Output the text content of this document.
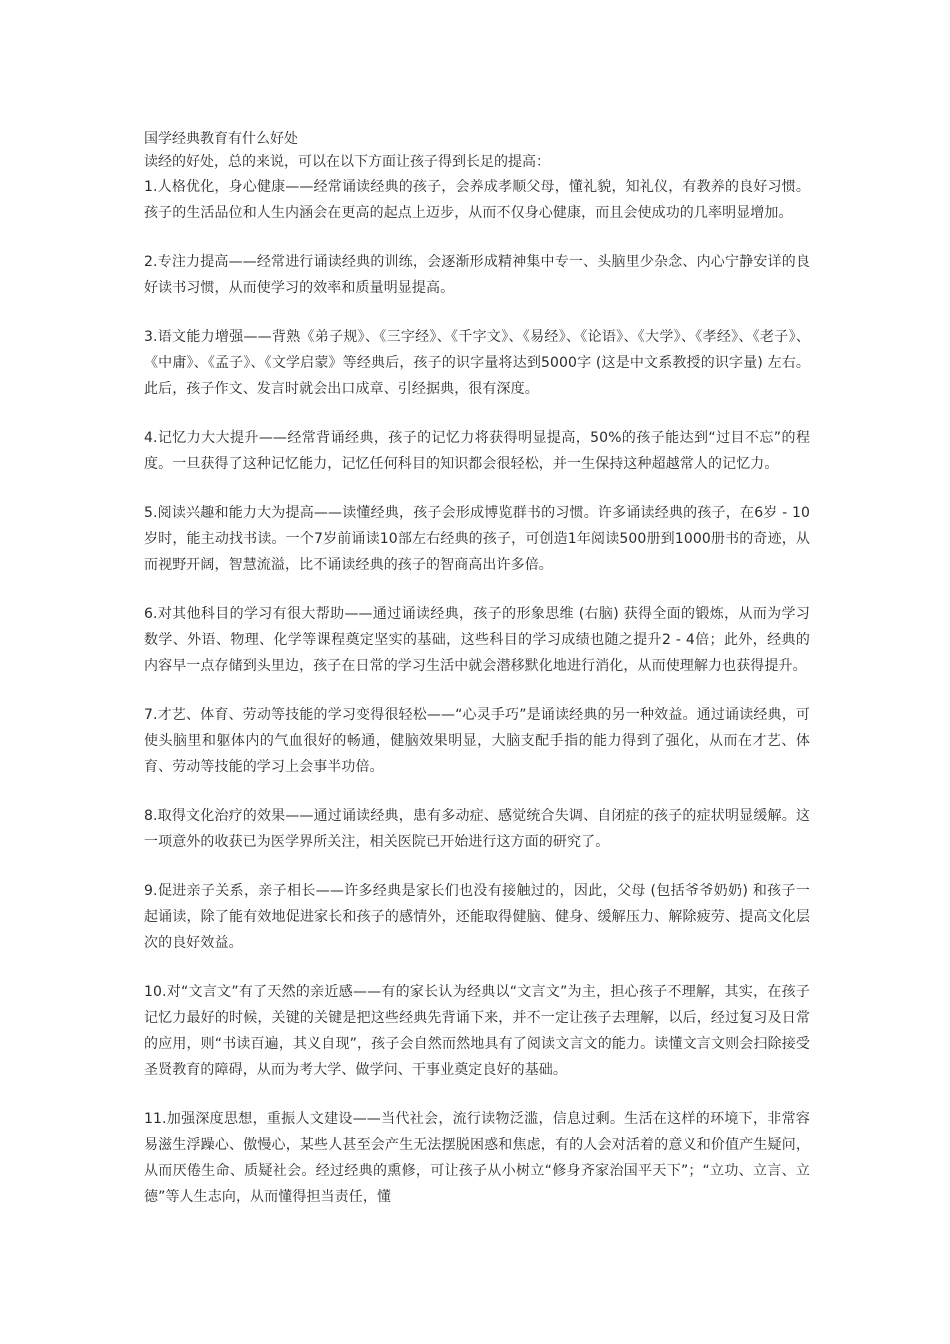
国学经典教育有什么好处

读经的好处，总的来说，可以在以下方面让孩子得到长足的提高：

1.人格优化，身心健康——经常诵读经典的孩子，会养成孝顺父母，懂礼貌，知礼仪，有教养的良好习惯。孩子的生活品位和人生内涵会在更高的起点上迈步，从而不仅身心健康，而且会使成功的几率明显增加。

2.专注力提高——经常进行诵读经典的训练，会逐渐形成精神集中专一、头脑里少杂念、内心宁静安详的良好读书习惯，从而使学习的效率和质量明显提高。

3.语文能力增强——背熟《弟子规》、《三字经》、《千字文》、《易经》、《论语》、《大学》、《孝经》、《老子》、《中庸》、《孟子》、《文学启蒙》等经典后，孩子的识字量将达到5000字 (这是中文系教授的识字量) 左右。此后，孩子作文、发言时就会出口成章、引经据典，很有深度。

4.记忆力大大提升——经常背诵经典，孩子的记忆力将获得明显提高，50%的孩子能达到“过目不忘”的程度。一旦获得了这种记忆能力，记忆任何科目的知识都会很轻松，并一生保持这种超越常人的记忆力。

5.阅读兴趣和能力大为提高——读懂经典，孩子会形成博览群书的习惯。许多诵读经典的孩子，在6岁 - 10岁时，能主动找书读。一个7岁前诵读10部左右经典的孩子，可创造1年阅读500册到1000册书的奇迹，从而视野开阔，智慧流溢，比不诵读经典的孩子的智商高出许多倍。

6.对其他科目的学习有很大帮助——通过诵读经典，孩子的形象思维 (右脑) 获得全面的锻炼，从而为学习数学、外语、物理、化学等课程奠定坚实的基础，这些科目的学习成绩也随之提升2 - 4倍；此外，经典的内容早一点存储到头里边，孩子在日常的学习生活中就会潜移默化地进行消化，从而使理解力也获得提升。

7.才艺、体育、劳动等技能的学习变得很轻松——“心灵手巧”是诵读经典的另一种效益。通过诵读经典，可使头脑里和躯体内的气血很好的畅通，健脑效果明显，大脑支配手指的能力得到了强化，从而在才艺、体育、劳动等技能的学习上会事半功倍。

8.取得文化治疗的效果——通过诵读经典，患有多动症、感觉统合失调、自闭症的孩子的症状明显缓解。这一项意外的收获已为医学界所关注，相关医院已开始进行这方面的研究了。

9.促进亲子关系，亲子相长——许多经典是家长们也没有接触过的，因此，父母 (包括爷爷奶奶) 和孩子一起诵读，除了能有效地促进家长和孩子的感情外，还能取得健脑、健身、缓解压力、解除疲劳、提高文化层次的良好效益。

10.对“文言文”有了天然的亲近感——有的家长认为经典以“文言文”为主，担心孩子不理解，其实，在孩子记忆力最好的时候，关键的关键是把这些经典先背诵下来，并不一定让孩子去理解，以后，经过复习及日常的应用，则“书读百遍，其义自现”，孩子会自然而然地具有了阅读文言文的能力。读懂文言文则会扫除接受圣贤教育的障碍，从而为考大学、做学问、干事业奠定良好的基础。

11.加强深度思想，重振人文建设——当代社会，流行读物泛滥，信息过剩。生活在这样的环境下，非常容易滋生浮躁心、傲慢心，某些人甚至会产生无法摆脱困惑和焦虑，有的人会对活着的意义和价值产生疑问，从而厌倦生命、质疑社会。经过经典的熏修，可让孩子从小树立“修身齐家治国平天下”；“立功、立言、立德”等人生志向，从而懂得担当责任，懂
